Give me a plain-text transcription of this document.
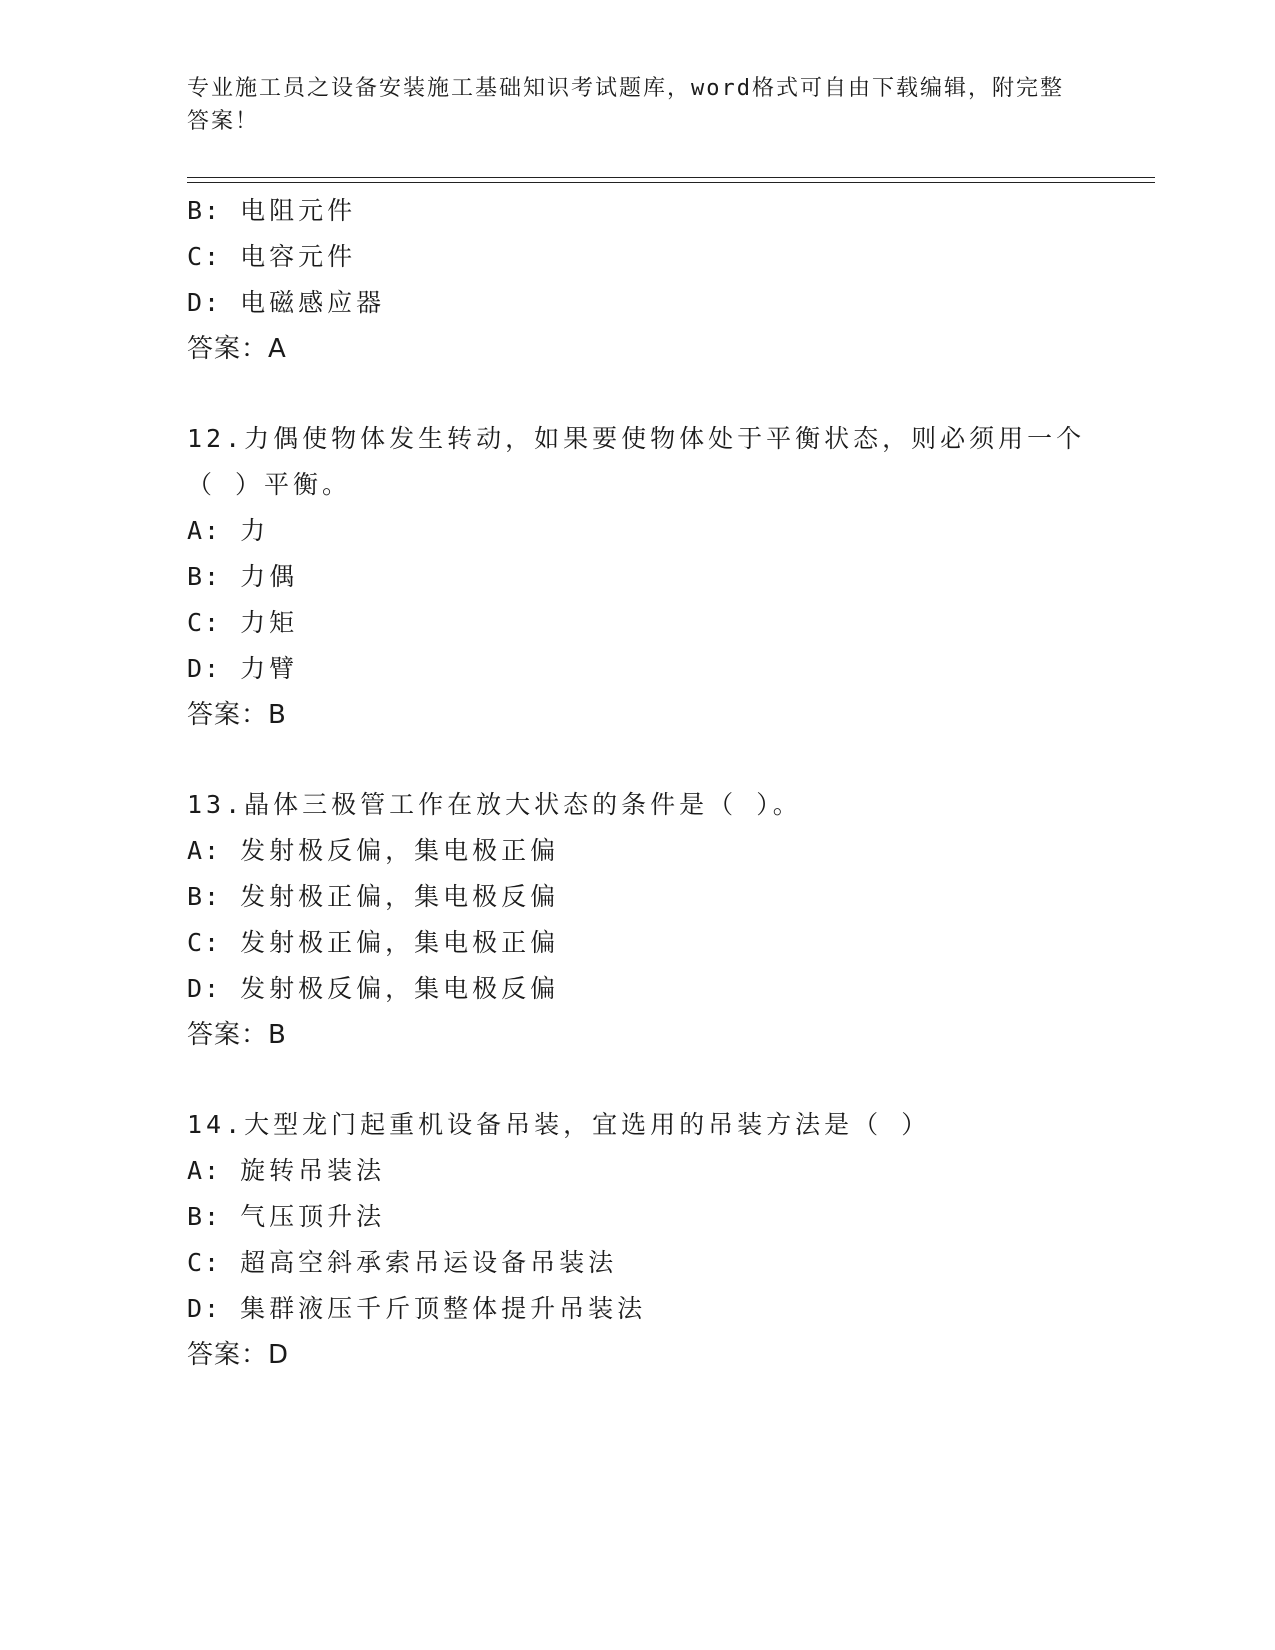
专业施工员之设备安装施工基础知识考试题库，word格式可自由下载编辑，附完整答案！
B: 电阻元件
C: 电容元件
D: 电磁感应器
答案：A
12.力偶使物体发生转动，如果要使物体处于平衡状态，则必须用一个
（ ）平衡。
A: 力
B: 力偶
C: 力矩
D: 力臂
答案：B
13.晶体三极管工作在放大状态的条件是（ ）。
A: 发射极反偏，集电极正偏
B: 发射极正偏，集电极反偏
C: 发射极正偏，集电极正偏
D: 发射极反偏，集电极反偏
答案：B
14.大型龙门起重机设备吊装，宜选用的吊装方法是（ ）
A: 旋转吊装法
B: 气压顶升法
C: 超高空斜承索吊运设备吊装法
D: 集群液压千斤顶整体提升吊装法
答案：D
